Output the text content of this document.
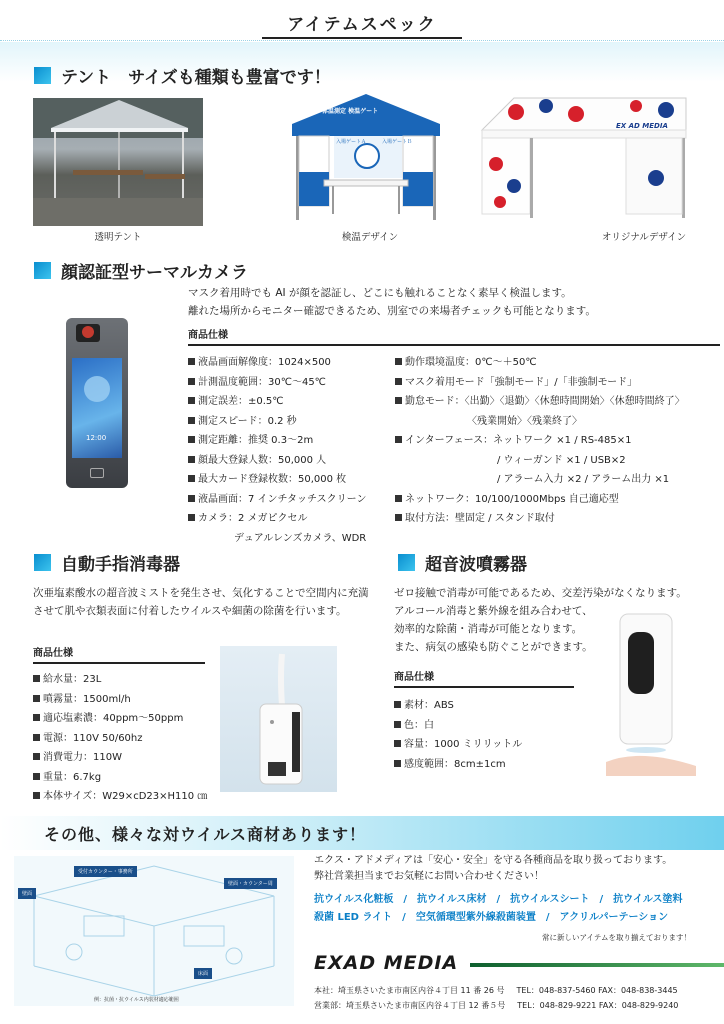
アイテムスペック
テント　サイズも種類も豊富です！
透明テント
体温測定 検温ゲート
入場ゲートＡ	入場ゲートＢ
検温デザイン
EX AD MEDIA
オリジナルデザイン
顔認証型サーマルカメラ
マスク着用時でも AI が顔を認証し、どこにも触れることなく素早く検温します。
離れた場所からモニター確認できるため、別室での来場者チェックも可能となります。
12:00
商品仕様
液晶画面解像度：1024×500
計測温度範囲：30℃〜45℃
測定誤差：±0.5℃
測定スピード：0.2 秒
測定距離：推奨 0.3〜2m
顔最大登録人数：50,000 人
最大カード登録枚数：50,000 枚
液晶画面：7 インチタッチスクリーン
カメラ：2 メガピクセル
デュアルレンズカメラ、WDR
動作環境温度：0℃〜＋50℃
マスク着用モード「強制モード」/「非強制モード」
勤怠モード：〈出勤〉〈退勤〉〈休憩時間開始〉〈休憩時間終了〉
〈残業開始〉〈残業終了〉
インターフェース：ネットワーク ×1 / RS-485×1
/ ウィーガンド ×1 / USB×2
/ アラーム入力 ×2 / アラーム出力 ×1
ネットワーク：10/100/1000Mbps 自己適応型
取付方法：壁固定 / スタンド取付
自動手指消毒器
次亜塩素酸水の超音波ミストを発生させ、気化することで空間内に充満させて肌や衣類表面に付着したウイルスや細菌の除菌を行います。
商品仕様
給水量：23L
噴霧量：1500ml/h
適応塩素濃：40ppm〜50ppm
電源：110V 50/60hz
消費電力：110W
重量：6.7kg
本体サイズ：W29×cD23×H110 ㎝
超音波噴霧器
ゼロ接触で消毒が可能であるため、交差汚染がなくなります。
アルコール消毒と紫外線を組み合わせて、
効率的な除菌・消毒が可能となります。
また、病気の感染も防ぐことができます。
商品仕様
素材：ABS
色：白
容量：1000 ミリリットル
感度範囲：8cm±1cm
その他、様々な対ウイルス商材あります！
受付カウンター・事務所
壁面
壁面・カウンター周
床面
例：抗菌・抗ウイルス内装材適応範囲
エクス・アドメディアは「安心・安全」を守る各種商品を取り扱っております。
弊社営業担当までお気軽にお問い合わせください！
抗ウイルス化粧板　/　抗ウイルス床材　/　抗ウイルスシート　/　抗ウイルス塗料
殺菌 LED ライト　/　空気循環型紫外線殺菌装置　/　アクリルパーテーション
常に新しいアイテムを取り揃えております！
EXAD MEDIA
本社：埼玉県さいたま市南区内谷４丁目 11 番 26 号 TEL：048-837-5460 FAX：048-838-3445
営業部：埼玉県さいたま市南区内谷４丁目 12 番５号 TEL：048-829-9221 FAX：048-829-9240
